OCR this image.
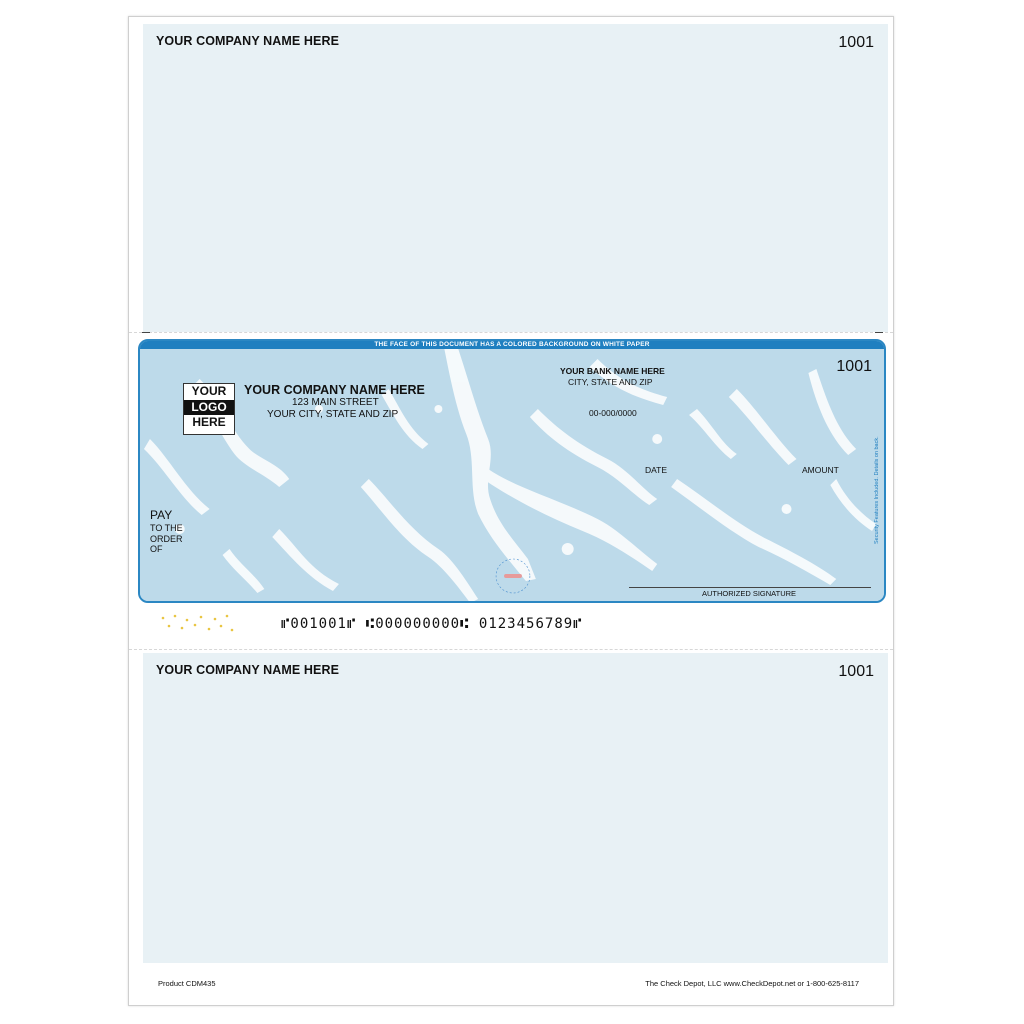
YOUR COMPANY NAME HERE	1001
THE FACE OF THIS DOCUMENT HAS A COLORED BACKGROUND ON WHITE PAPER
YOUR
LOGO
HERE
YOUR COMPANY NAME HERE
123 MAIN STREET
YOUR CITY, STATE AND ZIP
YOUR BANK NAME HERE
CITY, STATE AND ZIP
00-000/0000
1001
DATE	AMOUNT
PAY
TO THE
ORDER
OF
AUTHORIZED SIGNATURE
Security Features Included. Details on back.
⑈001001⑈ ⑆000000000⑆ 0123456789⑈
YOUR COMPANY NAME HERE	1001
Product CDM435	The Check Depot, LLC www.CheckDepot.net or 1-800-625-8117
